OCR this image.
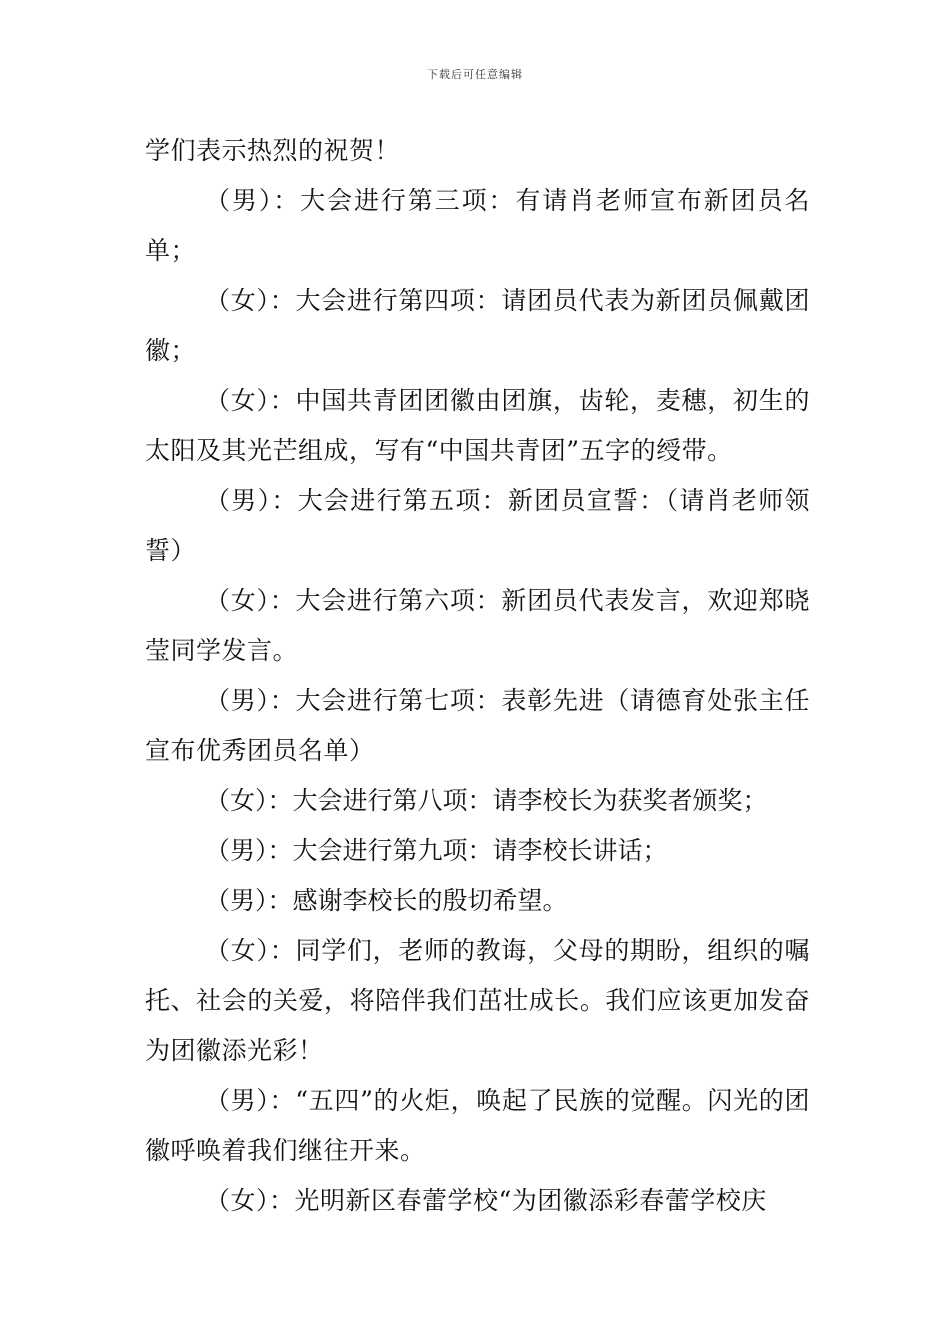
下载后可任意编辑

学们表示热烈的祝贺！

（男）：大会进行第三项：有请肖老师宣布新团员名单；

（女）：大会进行第四项：请团员代表为新团员佩戴团徽；

（女）：中国共青团团徽由团旗，齿轮，麦穗，初生的太阳及其光芒组成，写有“中国共青团”五字的绶带。

（男）：大会进行第五项：新团员宣誓：（请肖老师领誓）

（女）：大会进行第六项：新团员代表发言，欢迎郑晓莹同学发言。

（男）：大会进行第七项：表彰先进（请德育处张主任宣布优秀团员名单）

（女）：大会进行第八项：请李校长为获奖者颁奖；

（男）：大会进行第九项：请李校长讲话；

（男）：感谢李校长的殷切希望。

（女）：同学们，老师的教诲，父母的期盼，组织的嘱托、社会的关爱，将陪伴我们茁壮成长。我们应该更加发奋为团徽添光彩！

（男）：“五四”的火炬，唤起了民族的觉醒。闪光的团徽呼唤着我们继往开来。

（女）：光明新区春蕾学校“为团徽添彩春蕾学校庆
